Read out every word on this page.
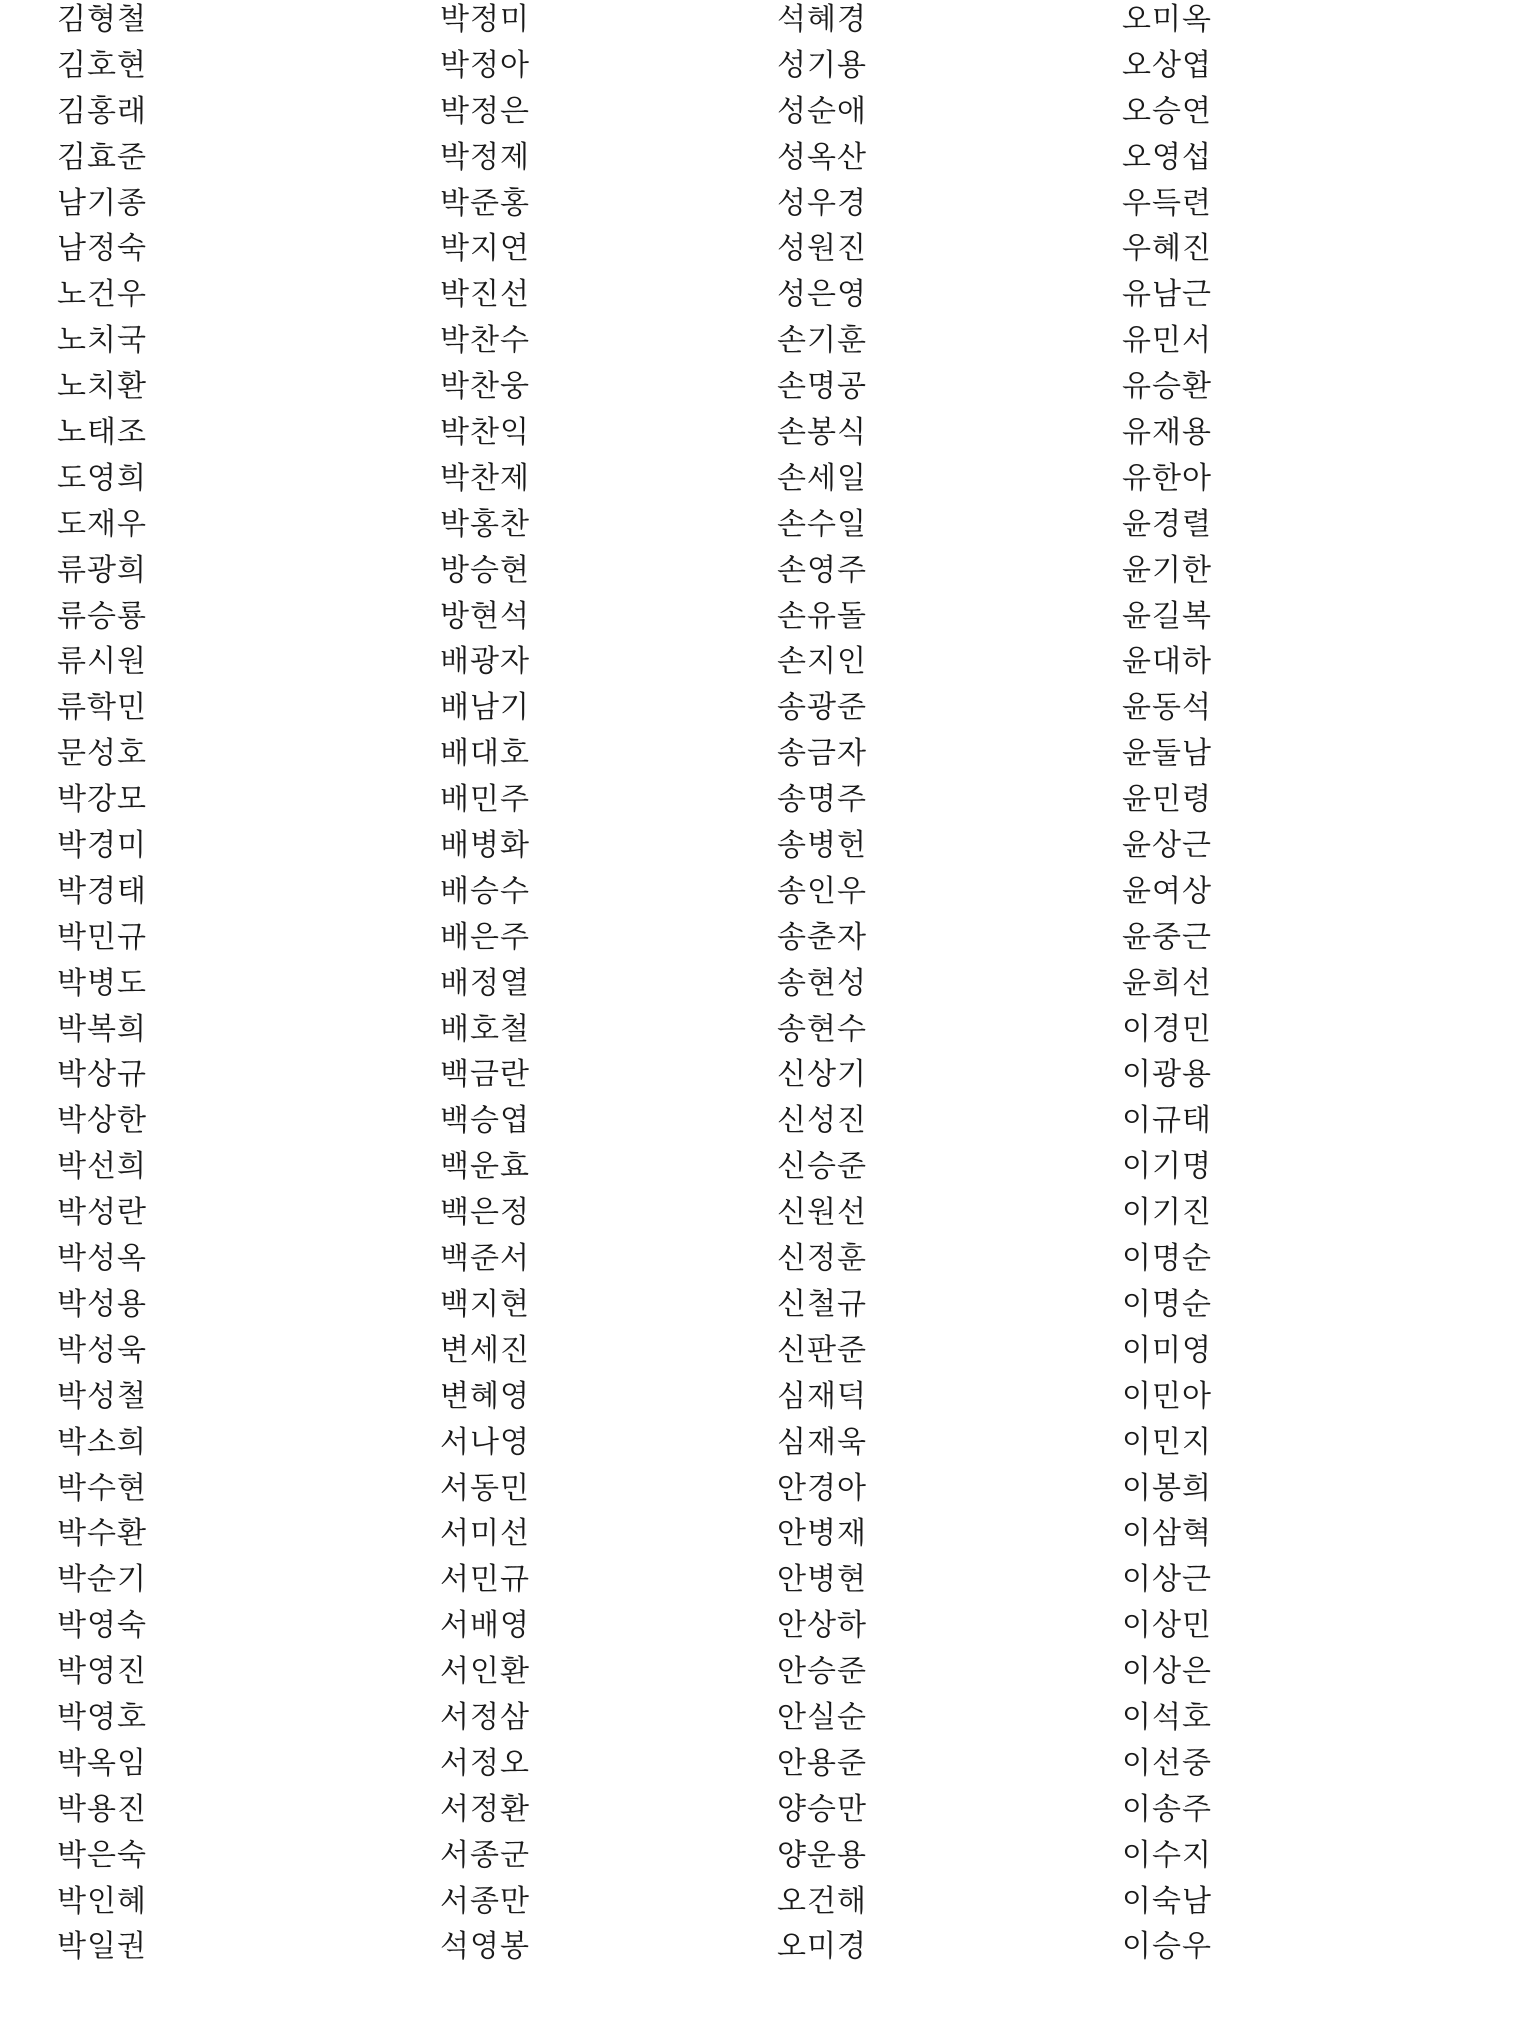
김형철	박정미	석혜경	오미옥
김호현	박정아	성기용	오상엽
김홍래	박정은	성순애	오승연
김효준	박정제	성옥산	오영섭
남기종	박준홍	성우경	우득련
남정숙	박지연	성원진	우혜진
노건우	박진선	성은영	유남근
노치국	박찬수	손기훈	유민서
노치환	박찬웅	손명공	유승환
노태조	박찬익	손봉식	유재용
도영희	박찬제	손세일	유한아
도재우	박홍찬	손수일	윤경렬
류광희	방승현	손영주	윤기한
류승룡	방현석	손유돌	윤길복
류시원	배광자	손지인	윤대하
류학민	배남기	송광준	윤동석
문성호	배대호	송금자	윤둘남
박강모	배민주	송명주	윤민령
박경미	배병화	송병헌	윤상근
박경태	배승수	송인우	윤여상
박민규	배은주	송춘자	윤중근
박병도	배정열	송현성	윤희선
박복희	배호철	송현수	이경민
박상규	백금란	신상기	이광용
박상한	백승엽	신성진	이규태
박선희	백운효	신승준	이기명
박성란	백은정	신원선	이기진
박성옥	백준서	신정훈	이명순
박성용	백지현	신철규	이명순
박성욱	변세진	신판준	이미영
박성철	변혜영	심재덕	이민아
박소희	서나영	심재욱	이민지
박수현	서동민	안경아	이봉희
박수환	서미선	안병재	이삼혁
박순기	서민규	안병현	이상근
박영숙	서배영	안상하	이상민
박영진	서인환	안승준	이상은
박영호	서정삼	안실순	이석호
박옥임	서정오	안용준	이선중
박용진	서정환	양승만	이송주
박은숙	서종군	양운용	이수지
박인혜	서종만	오건해	이숙남
박일권	석영봉	오미경	이승우
